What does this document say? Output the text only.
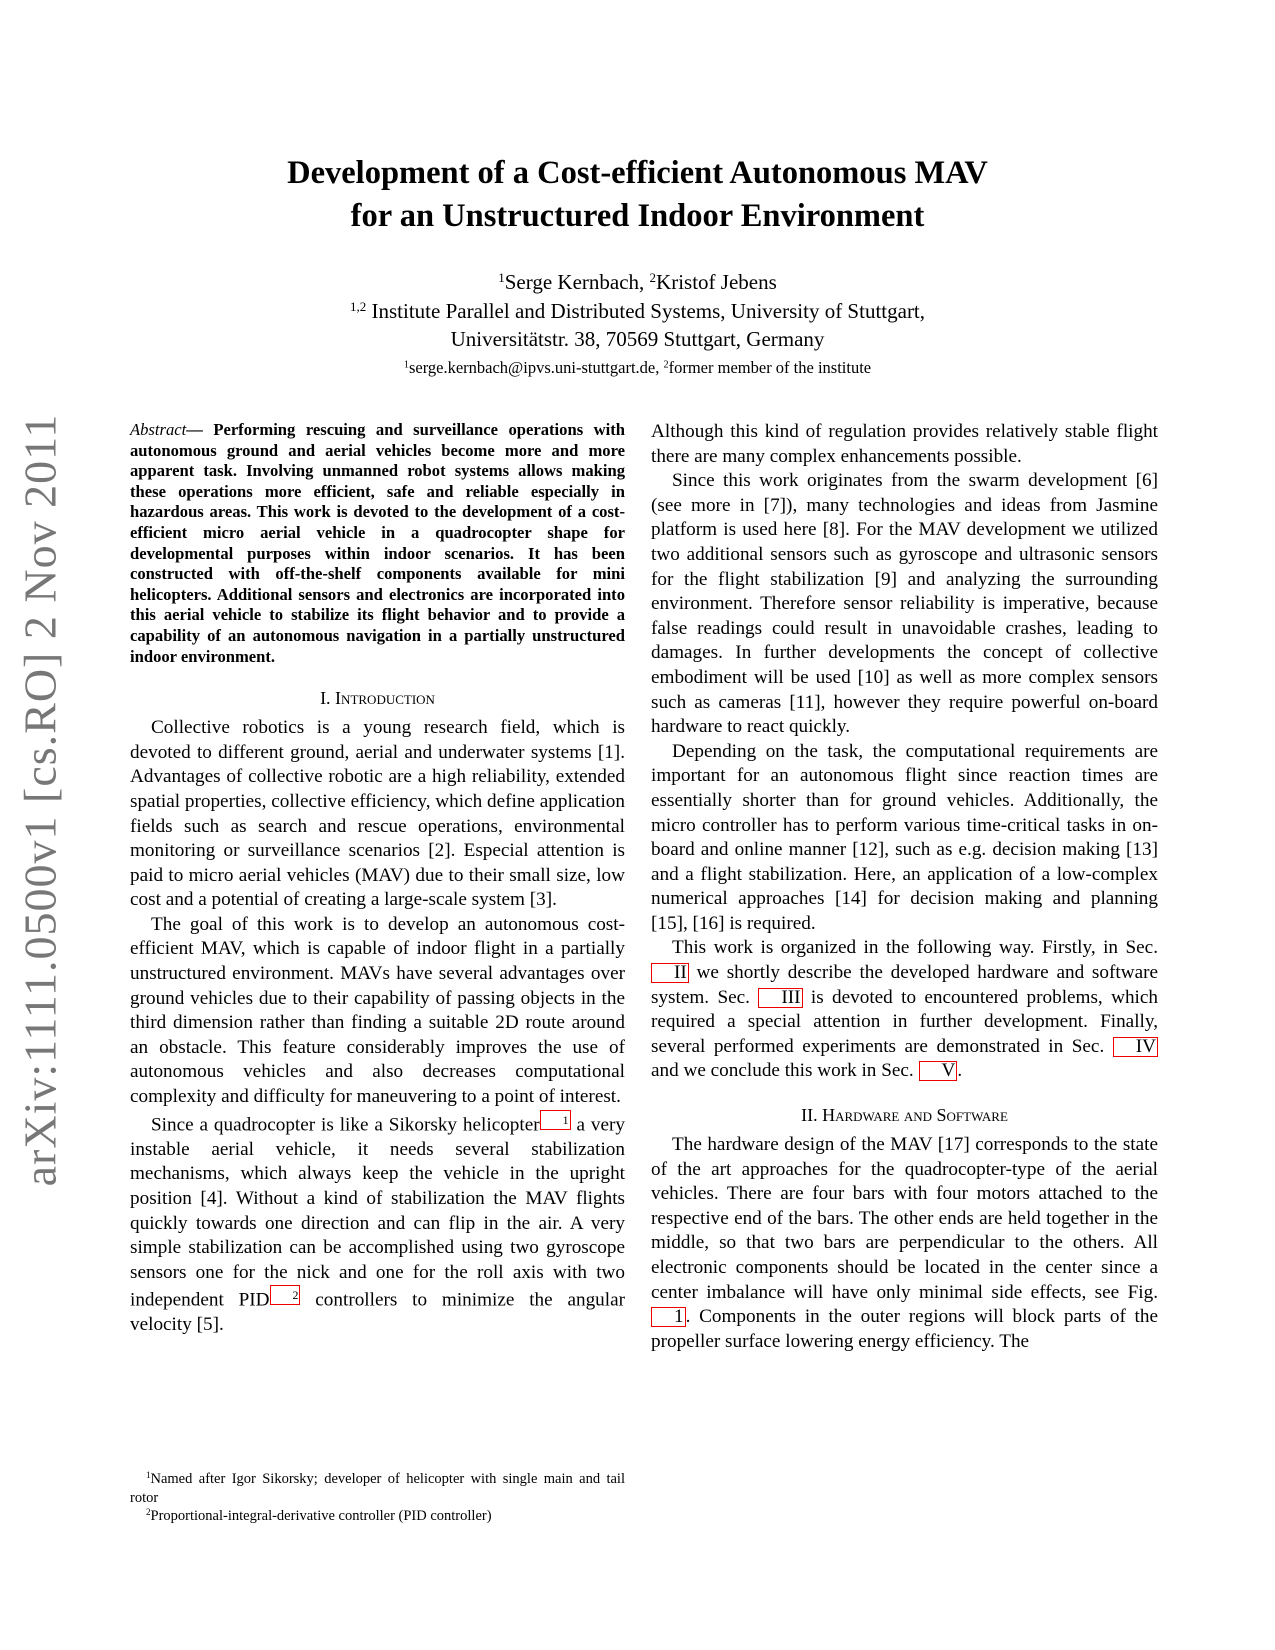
arXiv:1111.0500v1 [cs.RO] 2 Nov 2011
Development of a Cost-efficient Autonomous MAV
for an Unstructured Indoor Environment
$^1$Serge Kernbach, $^2$Kristof Jebens
$^{1,2}$ Institute Parallel and Distributed Systems, University of Stuttgart,
Universitätstr. 38, 70569 Stuttgart, Germany
$^1$serge.kernbach@ipvs.uni-stuttgart.de, $^2$former member of the institute

Abstract— Performing rescuing and surveillance operations with autonomous ground and aerial vehicles become more and more apparent task. Involving unmanned robot systems allows making these operations more efficient, safe and reliable especially in hazardous areas. This work is devoted to the development of a cost-efficient micro aerial vehicle in a quadrocopter shape for developmental purposes within indoor scenarios. It has been constructed with off-the-shelf components available for mini helicopters. Additional sensors and electronics are incorporated into this aerial vehicle to stabilize its flight behavior and to provide a capability of an autonomous navigation in a partially unstructured indoor environment.

I. Introduction

Collective robotics is a young research field, which is devoted to different ground, aerial and underwater systems [1]. Advantages of collective robotic are a high reliability, extended spatial properties, collective efficiency, which define application fields such as search and rescue operations, environmental monitoring or surveillance scenarios [2]. Especial attention is paid to micro aerial vehicles (MAV) due to their small size, low cost and a potential of creating a large-scale system [3].

The goal of this work is to develop an autonomous cost-efficient MAV, which is capable of indoor flight in a partially unstructured environment. MAVs have several advantages over ground vehicles due to their capability of passing objects in the third dimension rather than finding a suitable 2D route around an obstacle. This feature considerably improves the use of autonomous vehicles and also decreases computational complexity and difficulty for maneuvering to a point of interest.

Since a quadrocopter is like a Sikorsky helicopter $^1$ a very instable aerial vehicle, it needs several stabilization mechanisms, which always keep the vehicle in the upright position [4]. Without a kind of stabilization the MAV flights quickly towards one direction and can flip in the air. A very simple stabilization can be accomplished using two gyroscope sensors one for the nick and one for the roll axis with two independent PID $^2$ controllers to minimize the angular velocity [5].

$^1$Named after Igor Sikorsky; developer of helicopter with single main and tail rotor
$^2$Proportional-integral-derivative controller (PID controller)

Although this kind of regulation provides relatively stable flight there are many complex enhancements possible.

Since this work originates from the swarm development [6] (see more in [7]), many technologies and ideas from Jasmine platform is used here [8]. For the MAV development we utilized two additional sensors such as gyroscope and ultrasonic sensors for the flight stabilization [9] and analyzing the surrounding environment. Therefore sensor reliability is imperative, because false readings could result in unavoidable crashes, leading to damages. In further developments the concept of collective embodiment will be used [10] as well as more complex sensors such as cameras [11], however they require powerful on-board hardware to react quickly.

Depending on the task, the computational requirements are important for an autonomous flight since reaction times are essentially shorter than for ground vehicles. Additionally, the micro controller has to perform various time-critical tasks in on-board and online manner [12], such as e.g. decision making [13] and a flight stabilization. Here, an application of a low-complex numerical approaches [14] for decision making and planning [15], [16] is required.

This work is organized in the following way. Firstly, in Sec. II we shortly describe the developed hardware and software system. Sec. III is devoted to encountered problems, which required a special attention in further development. Finally, several performed experiments are demonstrated in Sec. IV and we conclude this work in Sec. V .

II. Hardware and Software

The hardware design of the MAV [17] corresponds to the state of the art approaches for the quadrocopter-type of the aerial vehicles. There are four bars with four motors attached to the respective end of the bars. The other ends are held together in the middle, so that two bars are perpendicular to the others. All electronic components should be located in the center since a center imbalance will have only minimal side effects, see Fig. 1 . Components in the outer regions will block parts of the propeller surface lowering energy efficiency. The
